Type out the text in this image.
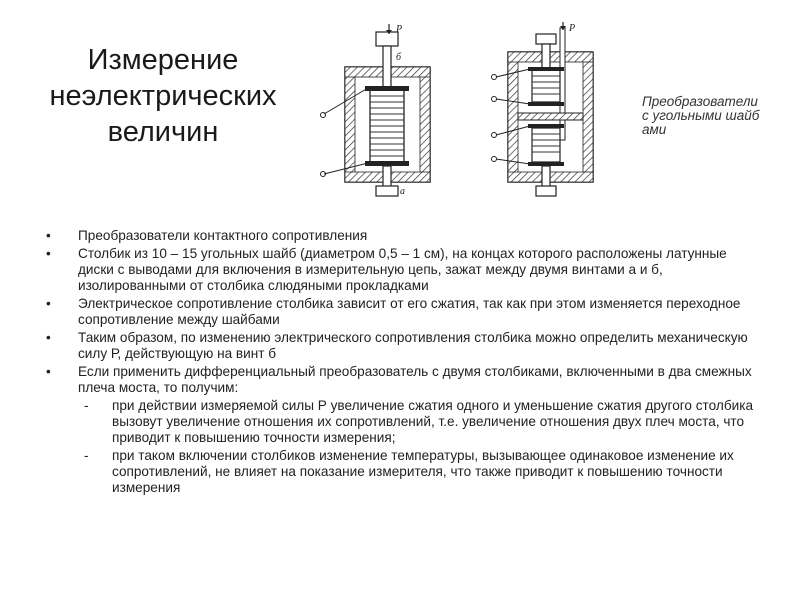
Измерение
неэлектрических
величин
P
б
a
P
Преобразователи с угольными шайбами
• Преобразователи контактного сопротивления
• Столбик из 10 – 15 угольных шайб (диаметром 0,5 – 1 см), на концах которого расположены латунные диски с выводами для включения в измерительную цепь, зажат между двумя винтами а и б, изолированными от столбика слюдяными прокладками
• Электрическое сопротивление столбика зависит от его сжатия, так как при этом изменяется переходное сопротивление между шайбами
• Таким образом, по изменению электрического сопротивления столбика можно определить механическую силу Р, действующую на винт б
• Если применить дифференциальный преобразователь с двумя столбиками, включенными в два смежных плеча моста, то получим:
- при действии измеряемой силы Р увеличение сжатия одного и уменьшение сжатия другого столбика вызовут увеличение отношения их сопротивлений, т.е. увеличение отношения двух плеч моста, что приводит к повышению точности измерения;
- при таком включении столбиков изменение температуры, вызывающее одинаковое изменение их сопротивлений, не влияет на показание измерителя, что также приводит к повышению точности измерения
